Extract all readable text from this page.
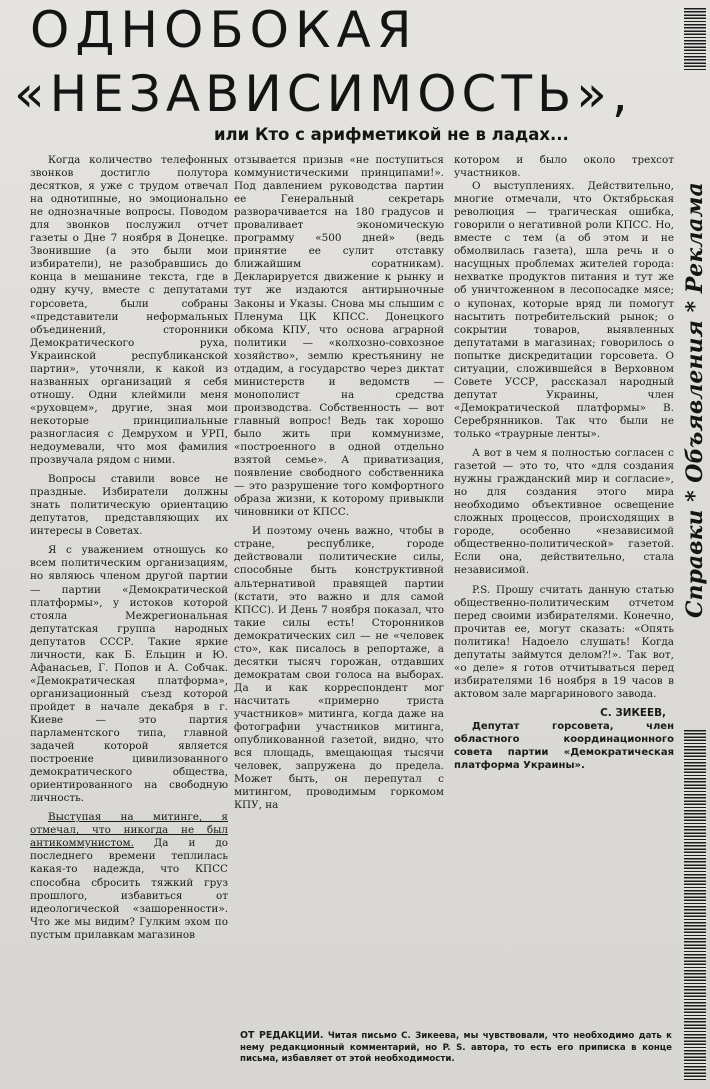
ОДНОБОКАЯ
«НЕЗАВИСИМОСТЬ»,
или Кто с арифметикой не в ладах...

Когда количество телефонных звонков достигло полутора десятков, я уже с трудом отвечал на однотипные, но эмоционально не однозначные вопросы. Поводом для звонков послужил отчет газеты о Дне 7 ноября в Донецке. Звонившие (а это были мои избиратели), не разобравшись до конца в мешанине текста, где в одну кучу, вместе с депутатами горсовета, были собраны «представители неформальных объединений, сторонники Демократического руха, Украинской республиканской партии», уточняли, к какой из названных организаций я себя отношу. Одни клеймили меня «руховцем», другие, зная мои некоторые принципиальные разногласия с Демрухом и УРП, недоумевали, что моя фамилия прозвучала рядом с ними.

Вопросы ставили вовсе не праздные. Избиратели должны знать политическую ориентацию депутатов, представляющих их интересы в Советах.

Я с уважением отношусь ко всем политическим организациям, но являюсь членом другой партии — партии «Демократической платформы», у истоков которой стояла Межрегиональная депутатская группа народных депутатов СССР. Такие яркие личности, как Б. Ельцин и Ю. Афанасьев, Г. Попов и А. Собчак. «Демократическая платформа», организационный съезд которой пройдет в начале декабря в г. Киеве — это партия парламентского типа, главной задачей которой является построение цивилизованного демократического общества, ориентированного на свободную личность.

Выступая на митинге, я отмечал, что никогда не был антикоммунистом. Да и до последнего времени теплилась какая-то надежда, что КПСС способна сбросить тяжкий груз прошлого, избавиться от идеологической «зашоренности». Что же мы видим? Гулким эхом по пустым прилавкам магазинов

отзывается призыв «не поступиться коммунистическими принципами!». Под давлением руководства партии ее Генеральный секретарь разворачивается на 180 градусов и проваливает экономическую программу «500 дней» (ведь принятие ее сулит отставку ближайшим соратникам). Декларируется движение к рынку и тут же издаются антирыночные Законы и Указы. Снова мы слышим с Пленума ЦК КПСС. Донецкого обкома КПУ, что основа аграрной политики — «колхозно-совхозное хозяйство», землю крестьянину не отдадим, а государство через диктат министерств и ведомств — монополист на средства производства. Собственность — вот главный вопрос! Ведь так хорошо было жить при коммунизме, «построенного в одной отдельно взятой семье». А приватизация, появление свободного собственника — это разрушение того комфортного образа жизни, к которому привыкли чиновники от КПСС.

И поэтому очень важно, чтобы в стране, республике, городе действовали политические силы, способные быть конструктивной альтернативой правящей партии (кстати, это важно и для самой КПСС). И День 7 ноября показал, что такие силы есть! Сторонников демократических сил — не «человек сто», как писалось в репортаже, а десятки тысяч горожан, отдавших демократам свои голоса на выборах. Да и как корреспондент мог насчитать «примерно триста участников» митинга, когда даже на фотографии участников митинга, опубликованной газетой, видно, что вся площадь, вмещающая тысячи человек, запружена до предела. Может быть, он перепутал с митингом, проводимым горкомом КПУ, на

котором и было около трехсот участников.

О выступлениях. Действительно, многие отмечали, что Октябрьская революция — трагическая ошибка, говорили о негативной роли КПСС. Но, вместе с тем (а об этом и не обмолвилась газета), шла речь и о насущных проблемах жителей города: нехватке продуктов питания и тут же об уничтоженном в лесопосадке мясе; о купонах, которые вряд ли помогут насытить потребительский рынок; о сокрытии товаров, выявленных депутатами в магазинах; говорилось о попытке дискредитации горсовета. О ситуации, сложившейся в Верховном Совете УССР, рассказал народный депутат Украины, член «Демократической платформы» В. Серебрянников. Так что были не только «траурные ленты».

А вот в чем я полностью согласен с газетой — это то, что «для создания нужны гражданский мир и согласие», но для создания этого мира необходимо объективное освещение сложных процессов, происходящих в городе, особенно «независимой общественно-политической» газетой. Если она, действительно, стала независимой.

P.S. Прошу считать данную статью общественно-политическим отчетом перед своими избирателями. Конечно, прочитав ее, могут сказать: «Опять политика! Надоело слушать! Когда депутаты займутся делом?!». Так вот, «о деле» я готов отчитываться перед избирателями 16 ноября в 19 часов в актовом зале маргаринового завода.

С. ЗИКЕЕВ,

Депутат горсовета, член областного координационного совета партии «Демократическая платформа Украины».

ОТ РЕДАКЦИИ. Читая письмо С. Зикеева, мы чувствовали, что необходимо дать к нему редакционный комментарий, но P. S. автора, то есть его приписка в конце письма, избавляет от этой необходимости.
Справки * Объявления * Реклама
